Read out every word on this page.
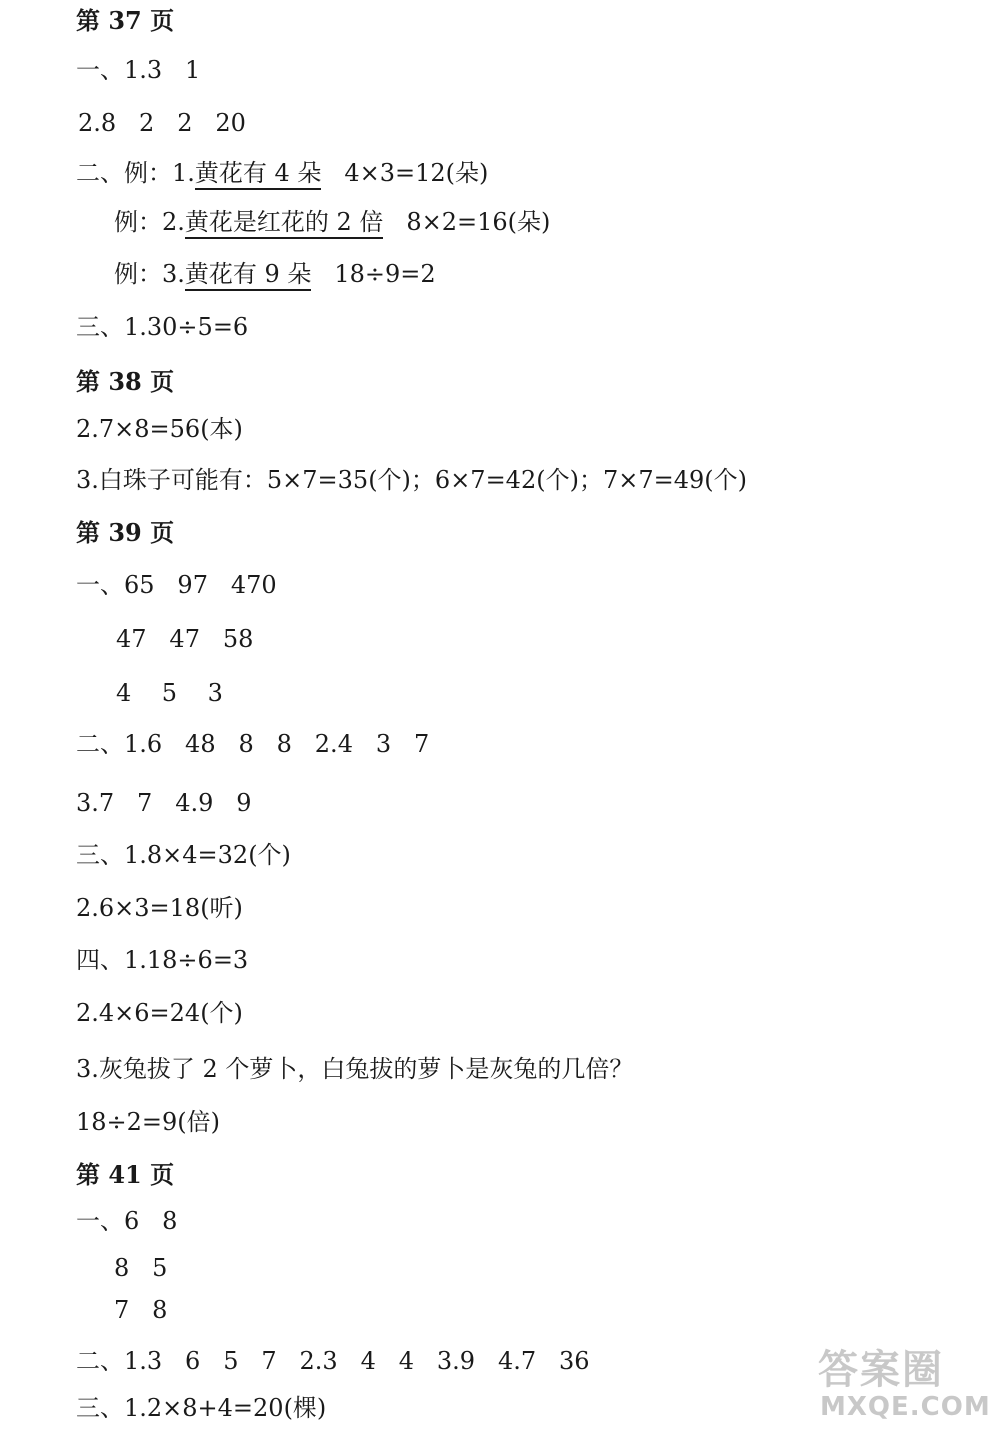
第 37 页
一、1.3   1
2.8   2   2   20
二、例：1.黄花有 4 朵   4×3=12(朵)
例：2.黄花是红花的 2 倍   8×2=16(朵)
例：3.黄花有 9 朵   18÷9=2
三、1.30÷5=6
第 38 页
2.7×8=56(本)
3.白珠子可能有：5×7=35(个)；6×7=42(个)；7×7=49(个)
第 39 页
一、65   97   470
47   47   58
4    5    3
二、1.6   48   8   8   2.4   3   7
3.7   7   4.9   9
三、1.8×4=32(个)
2.6×3=18(听)
四、1.18÷6=3
2.4×6=24(个)
3.灰兔拔了 2 个萝卜，白兔拔的萝卜是灰兔的几倍？
18÷2=9(倍)
第 41 页
一、6   8
8   5
7   8
二、1.3   6   5   7   2.3   4   4   3.9   4.7   36
三、1.2×8+4=20(棵)
答案圈
MXQE.COM
